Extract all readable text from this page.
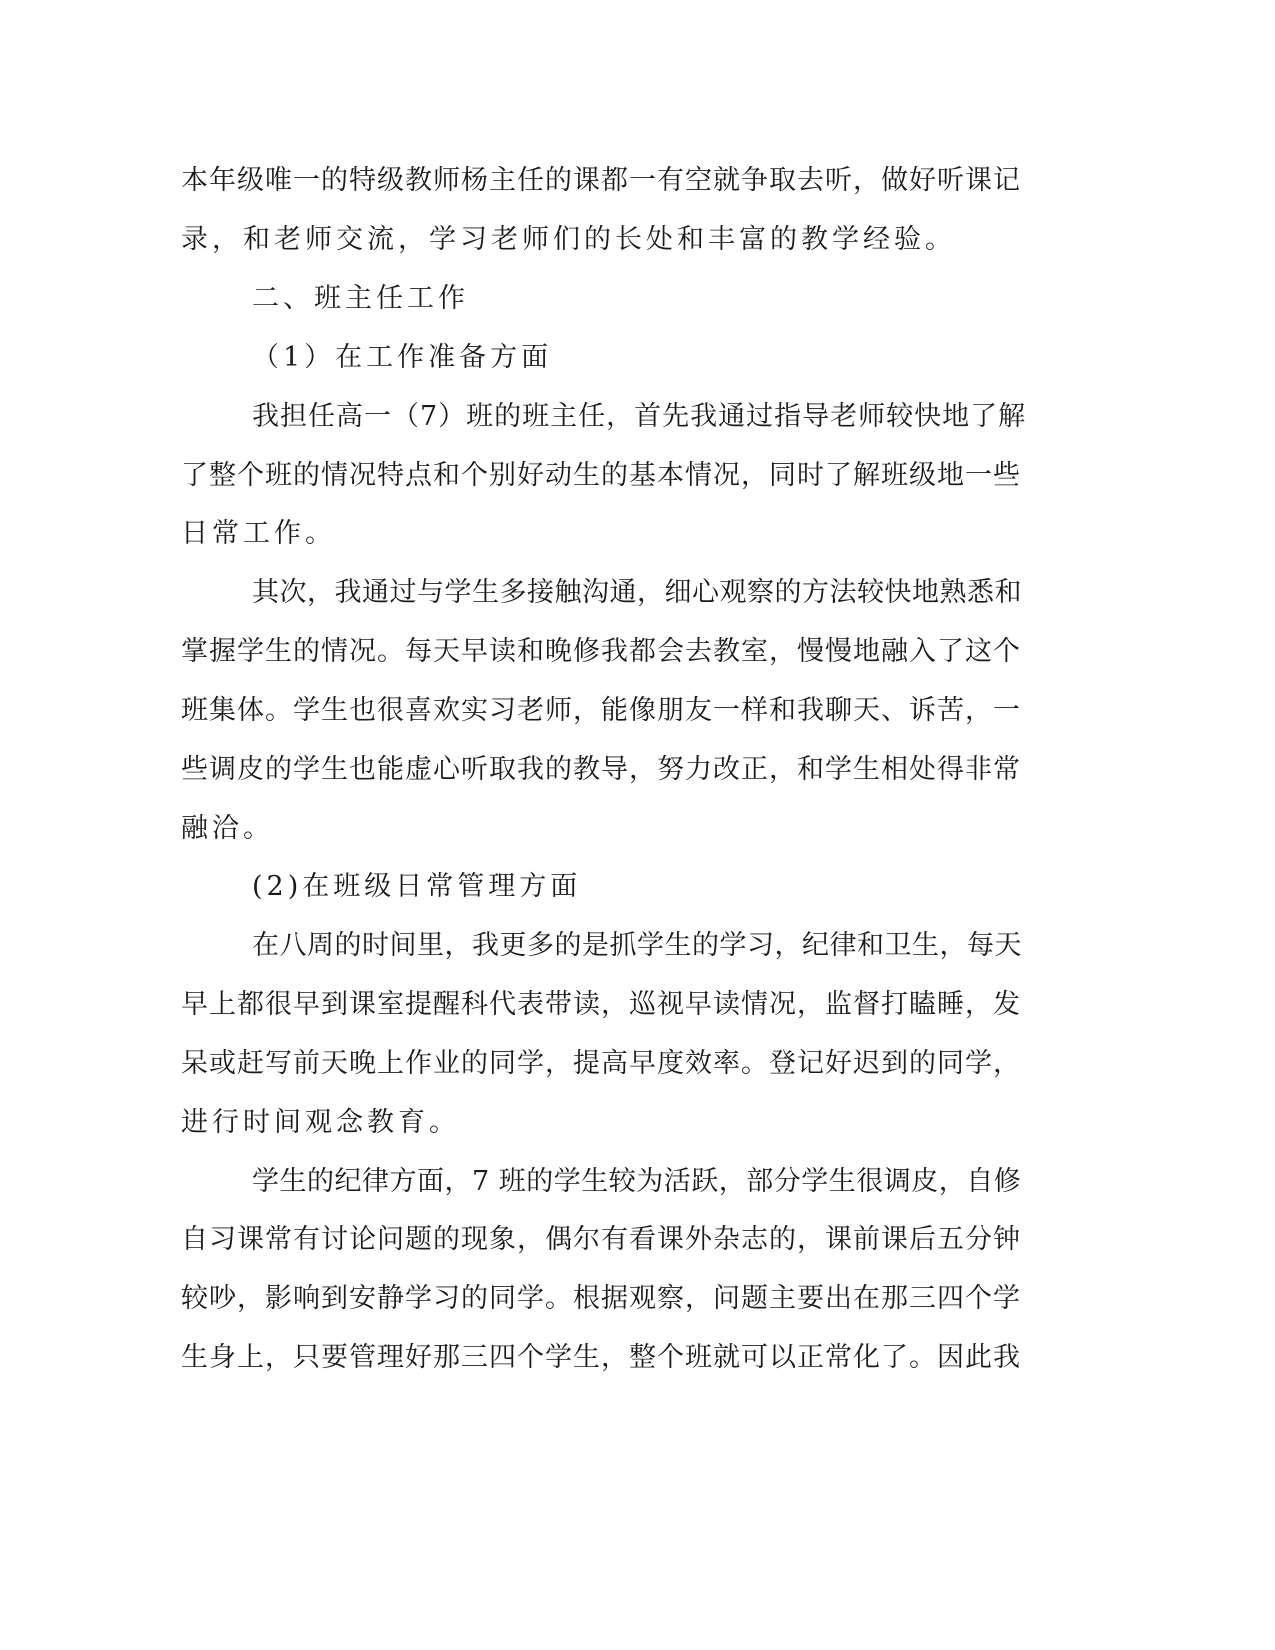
本年级唯一的特级教师杨主任的课都一有空就争取去听，做好听课记
录，和老师交流，学习老师们的长处和丰富的教学经验。
二、班主任工作
（1）在工作准备方面
我担任高一（7）班的班主任，首先我通过指导老师较快地了解
了整个班的情况特点和个别好动生的基本情况，同时了解班级地一些
日常工作。
其次，我通过与学生多接触沟通，细心观察的方法较快地熟悉和
掌握学生的情况。每天早读和晚修我都会去教室，慢慢地融入了这个
班集体。学生也很喜欢实习老师，能像朋友一样和我聊天、诉苦，一
些调皮的学生也能虚心听取我的教导，努力改正，和学生相处得非常
融洽。
(2)在班级日常管理方面
在八周的时间里，我更多的是抓学生的学习，纪律和卫生，每天
早上都很早到课室提醒科代表带读，巡视早读情况，监督打瞌睡，发
呆或赶写前天晚上作业的同学，提高早度效率。登记好迟到的同学，
进行时间观念教育。
学生的纪律方面，7 班的学生较为活跃，部分学生很调皮，自修
自习课常有讨论问题的现象，偶尔有看课外杂志的，课前课后五分钟
较吵，影响到安静学习的同学。根据观察，问题主要出在那三四个学
生身上，只要管理好那三四个学生，整个班就可以正常化了。因此我
